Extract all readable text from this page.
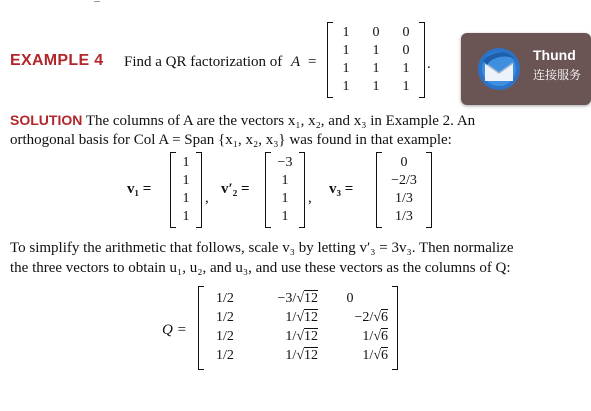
EXAMPLE 4 Find a QR factorization of A =
1 0 0
1 1 0
1 1 1
1 1 1
.
Thund
连接服务
SOLUTION The columns of A are the vectors x₁, x₂, and x₃ in Example 2. An
orthogonal basis for Col A = Span {x₁, x₂, x₃} was found in that example:
v₁ =
1
1
1
1
,
v′₂ =
−3
1
1
1
,
v₃ =
0
−2/3
1/3
1/3
To simplify the arithmetic that follows, scale v₃ by letting v′₃ = 3v₃. Then normalize
the three vectors to obtain u₁, u₂, and u₃, and use these vectors as the columns of Q:
Q =
1/2	−3/√12	0
1/2	1/√12	−2/√6
1/2	1/√12	1/√6
1/2	1/√12	1/√6
